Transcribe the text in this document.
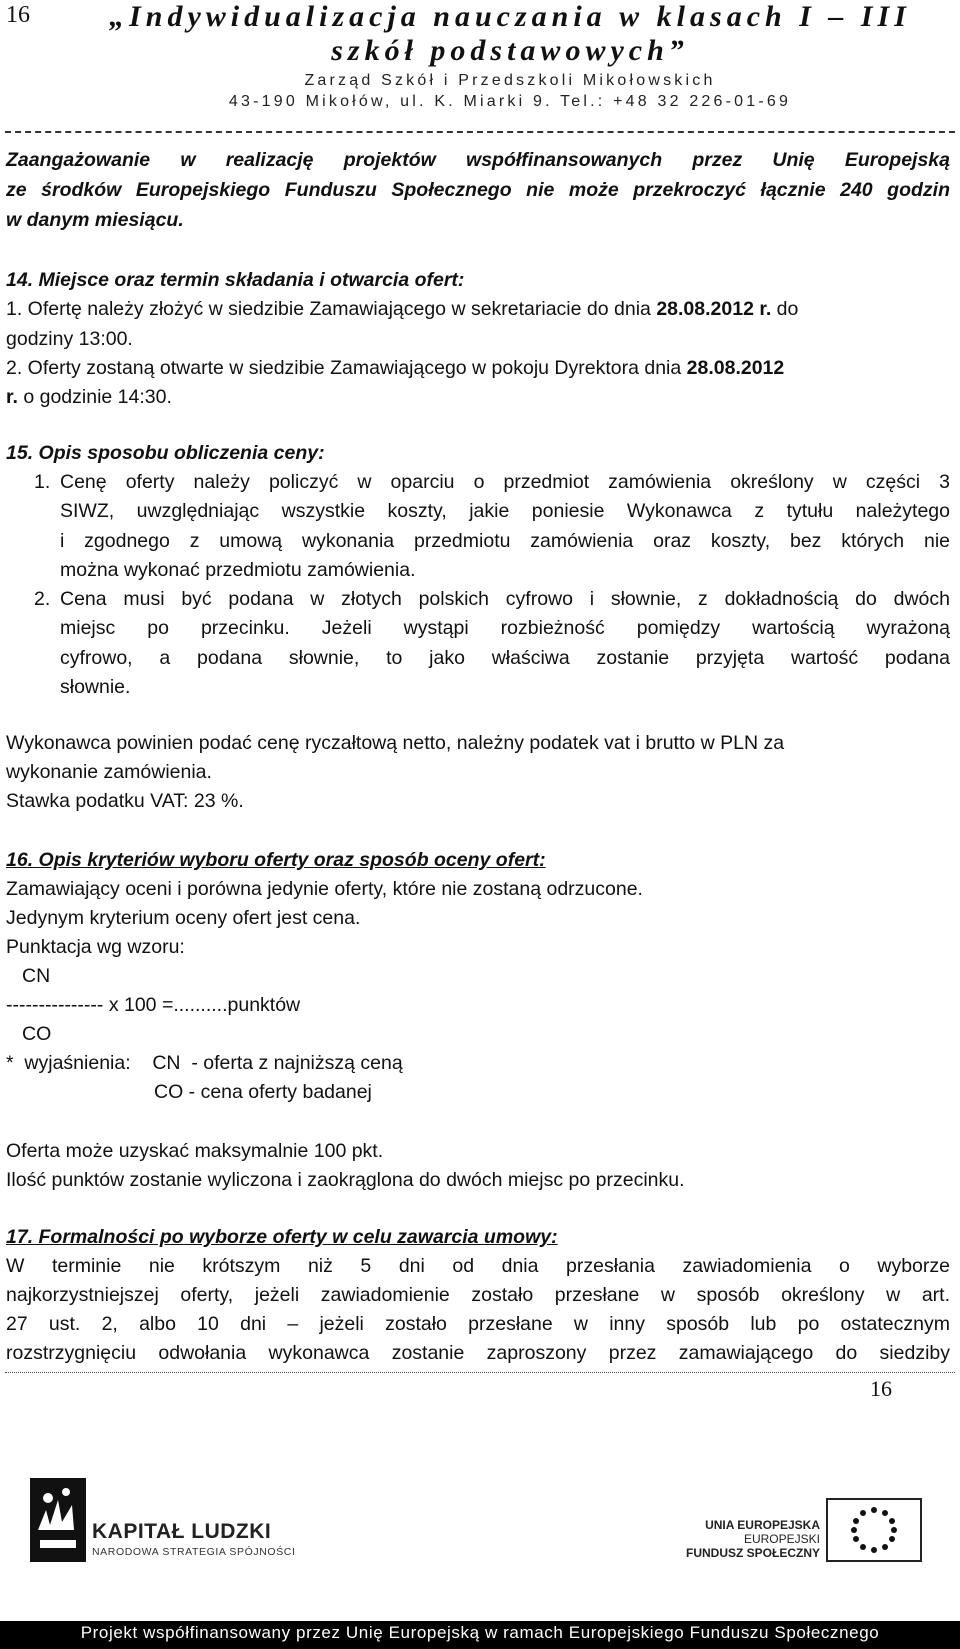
16	„Indywidualizacja nauczania w klasach I – III
szkół podstawowych”
Zarząd Szkół i Przedszkoli Mikołowskich
43-190 Mikołów, ul. K. Miarki 9. Tel.: +48 32 226-01-69
Zaangażowanie w realizację projektów współfinansowanych przez Unię Europejską
ze środków Europejskiego Funduszu Społecznego nie może przekroczyć łącznie 240 godzin
w danym miesiącu.
14. Miejsce oraz termin składania i otwarcia ofert:
1. Ofertę należy złożyć w siedzibie Zamawiającego w sekretariacie do dnia 28.08.2012 r. do
godziny 13:00.
2. Oferty zostaną otwarte w siedzibie Zamawiającego w pokoju Dyrektora dnia 28.08.2012
r. o godzinie 14:30.
15. Opis sposobu obliczenia ceny:
1. Cenę oferty należy policzyć w oparciu o przedmiot zamówienia określony w części 3
SIWZ, uwzględniając wszystkie koszty, jakie poniesie Wykonawca z tytułu należytego
i zgodnego z umową wykonania przedmiotu zamówienia oraz koszty, bez których nie
można wykonać przedmiotu zamówienia.
2. Cena musi być podana w złotych polskich cyfrowo i słownie, z dokładnością do dwóch
miejsc po przecinku. Jeżeli wystąpi rozbieżność pomiędzy wartością wyrażoną
cyfrowo, a podana słownie, to jako właściwa zostanie przyjęta wartość podana
słownie.
Wykonawca powinien podać cenę ryczałtową netto, należny podatek vat i brutto w PLN za
wykonanie zamówienia.
Stawka podatku VAT: 23 %.
16. Opis kryteriów wyboru oferty oraz sposób oceny ofert:
Zamawiający oceni i porówna jedynie oferty, które nie zostaną odrzucone.
Jedynym kryterium oceny ofert jest cena.
Punktacja wg wzoru:
CN
--------------- x 100 =..........punktów
CO
*  wyjaśnienia:    CN  - oferta z najniższą ceną
CO - cena oferty badanej
Oferta może uzyskać maksymalnie 100 pkt.
Ilość punktów zostanie wyliczona i zaokrąglona do dwóch miejsc po przecinku.
17. Formalności po wyborze oferty w celu zawarcia umowy:
W terminie nie krótszym niż 5 dni od dnia przesłania zawiadomienia o wyborze
najkorzystniejszej oferty, jeżeli zawiadomienie zostało przesłane w sposób określony w art.
27 ust. 2, albo 10 dni – jeżeli zostało przesłane w inny sposób lub po ostatecznym
rozstrzygnięciu odwołania wykonawca zostanie zaproszony przez zamawiającego do siedziby
16
KAPITAŁ LUDZKI
NARODOWA STRATEGIA SPÓJNOŚCI
UNIA EUROPEJSKA
EUROPEJSKI
FUNDUSZ SPOŁECZNY
Projekt współfinansowany przez Unię Europejską w ramach Europejskiego Funduszu Społecznego
